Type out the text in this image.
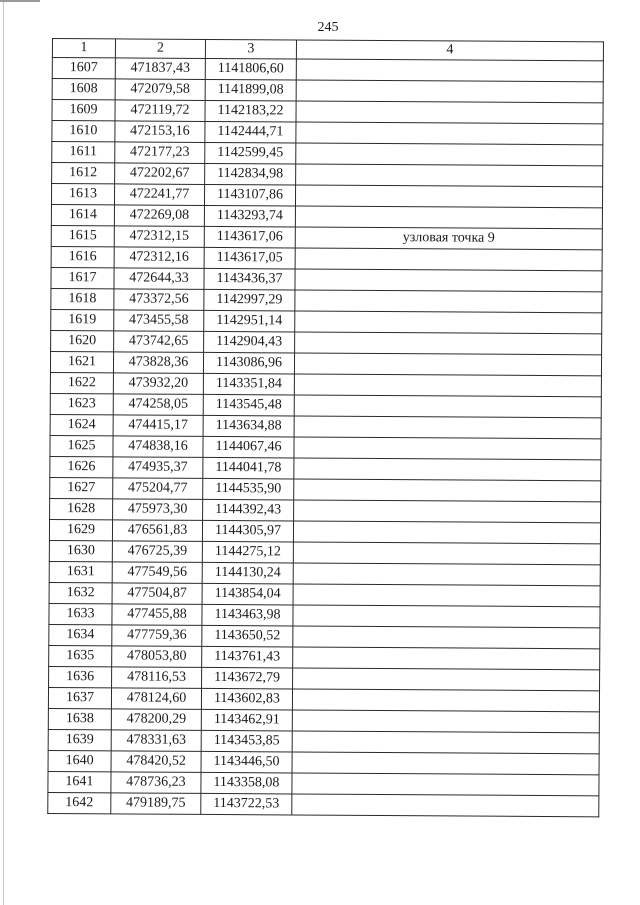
245
1	2	3	4
1607	471837,43	1141806,60	
1608	472079,58	1141899,08	
1609	472119,72	1142183,22	
1610	472153,16	1142444,71	
1611	472177,23	1142599,45	
1612	472202,67	1142834,98	
1613	472241,77	1143107,86	
1614	472269,08	1143293,74	
1615	472312,15	1143617,06	узловая точка 9
1616	472312,16	1143617,05	
1617	472644,33	1143436,37	
1618	473372,56	1142997,29	
1619	473455,58	1142951,14	
1620	473742,65	1142904,43	
1621	473828,36	1143086,96	
1622	473932,20	1143351,84	
1623	474258,05	1143545,48	
1624	474415,17	1143634,88	
1625	474838,16	1144067,46	
1626	474935,37	1144041,78	
1627	475204,77	1144535,90	
1628	475973,30	1144392,43	
1629	476561,83	1144305,97	
1630	476725,39	1144275,12	
1631	477549,56	1144130,24	
1632	477504,87	1143854,04	
1633	477455,88	1143463,98	
1634	477759,36	1143650,52	
1635	478053,80	1143761,43	
1636	478116,53	1143672,79	
1637	478124,60	1143602,83	
1638	478200,29	1143462,91	
1639	478331,63	1143453,85	
1640	478420,52	1143446,50	
1641	478736,23	1143358,08	
1642	479189,75	1143722,53	
